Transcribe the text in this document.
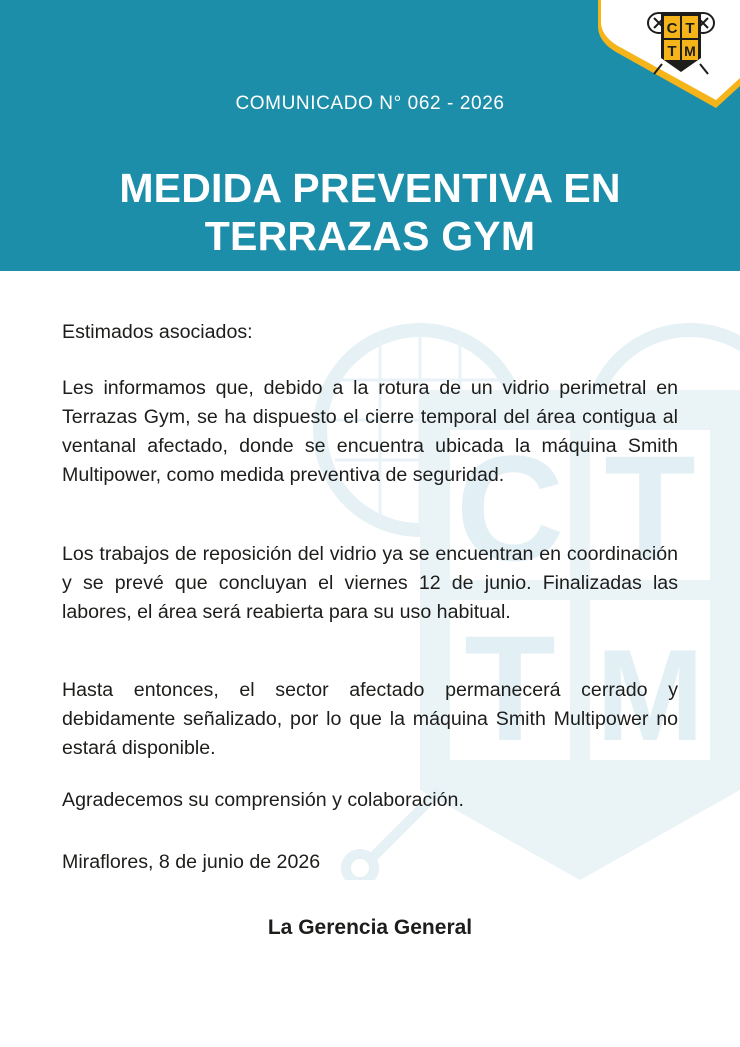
COMUNICADO N° 062 - 2026
MEDIDA PREVENTIVA EN
TERRAZAS GYM
C T
T M
C T
T M

Estimados asociados:

Les informamos que, debido a la rotura de un vidrio perimetral en Terrazas Gym, se ha dispuesto el cierre temporal del área contigua al ventanal afectado, donde se encuentra ubicada la máquina Smith Multipower, como medida preventiva de seguridad.

Los trabajos de reposición del vidrio ya se encuentran en coordinación y se prevé que concluyan el viernes 12 de junio. Finalizadas las labores, el área será reabierta para su uso habitual.

Hasta entonces, el sector afectado permanecerá cerrado y debidamente señalizado, por lo que la máquina Smith Multipower no estará disponible.

Agradecemos su comprensión y colaboración.

Miraflores, 8 de junio de 2026

La Gerencia General
